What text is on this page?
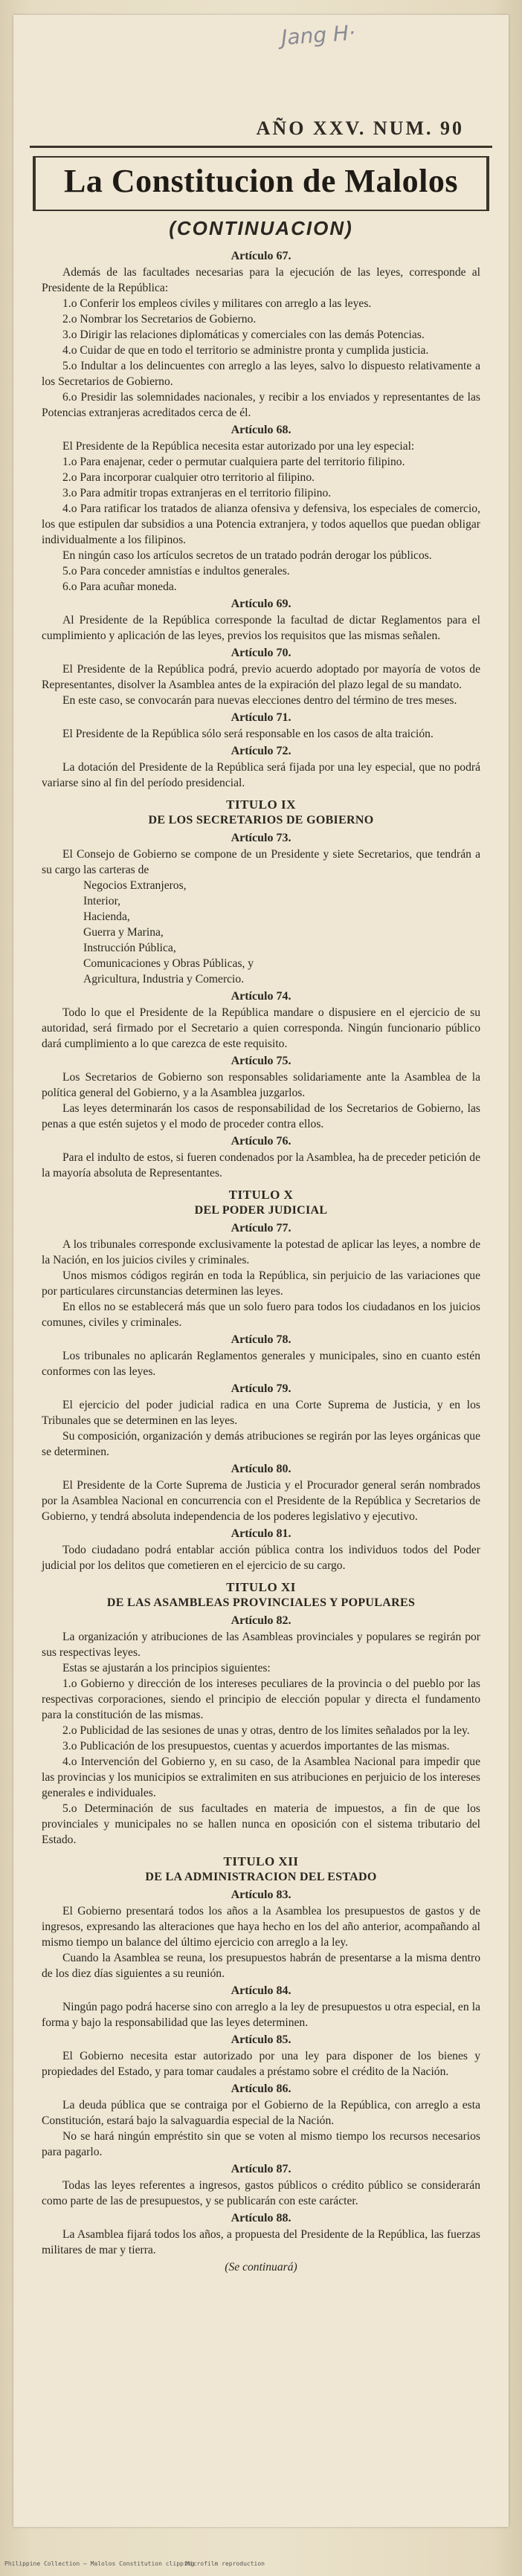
Jang H·
AÑO XXV. NUM. 90
La Constitucion de Malolos
(CONTINUACION)
Artículo 67.

Además de las facultades necesarias para la ejecución de las leyes, corresponde al Presidente de la República:

1.o Conferir los empleos civiles y militares con arreglo a las leyes.

2.o Nombrar los Secretarios de Gobierno.

3.o Dirigir las relaciones diplomáticas y comerciales con las demás Potencias.

4.o Cuidar de que en todo el territorio se administre pronta y cumplida justicia.

5.o Indultar a los delincuentes con arreglo a las leyes, salvo lo dispuesto relativamente a los Secretarios de Gobierno.

6.o Presidir las solemnidades nacionales, y recibir a los enviados y representantes de las Potencias extranjeras acreditados cerca de él.

Artículo 68.

El Presidente de la República necesita estar autorizado por una ley especial:

1.o Para enajenar, ceder o permutar cualquiera parte del territorio filipino.

2.o Para incorporar cualquier otro territorio al filipino.

3.o Para admitir tropas extranjeras en el territorio filipino.

4.o Para ratificar los tratados de alianza ofensiva y defensiva, los especiales de comercio, los que estipulen dar subsidios a una Potencia extranjera, y todos aquellos que puedan obligar individualmente a los filipinos.

En ningún caso los artículos secretos de un tratado podrán derogar los públicos.

5.o Para conceder amnistías e indultos generales.

6.o Para acuñar moneda.

Artículo 69.

Al Presidente de la República corresponde la facultad de dictar Reglamentos para el cumplimiento y aplicación de las leyes, previos los requisitos que las mismas señalen.

Artículo 70.

El Presidente de la República podrá, previo acuerdo adoptado por mayoría de votos de Representantes, disolver la Asamblea antes de la expiración del plazo legal de su mandato.

En este caso, se convocarán para nuevas elecciones dentro del término de tres meses.

Artículo 71.

El Presidente de la República sólo será responsable en los casos de alta traición.

Artículo 72.

La dotación del Presidente de la República será fijada por una ley especial, que no podrá variarse sino al fin del período presidencial.

TITULO IX
DE LOS SECRETARIOS DE GOBIERNO
Artículo 73.

El Consejo de Gobierno se compone de un Presidente y siete Secretarios, que tendrán a su cargo las carteras de

Negocios Extranjeros,

Interior,

Hacienda,

Guerra y Marina,

Instrucción Pública,

Comunicaciones y Obras Públicas, y

Agricultura, Industria y Comercio.

Artículo 74.

Todo lo que el Presidente de la República mandare o dispusiere en el ejercicio de su autoridad, será firmado por el Secretario a quien corresponda. Ningún funcionario público dará cumplimiento a lo que carezca de este requisito.

Artículo 75.

Los Secretarios de Gobierno son responsables solidariamente ante la Asamblea de la política general del Gobierno, y a la Asamblea juzgarlos.

Las leyes determinarán los casos de responsabilidad de los Secretarios de Gobierno, las penas a que estén sujetos y el modo de proceder contra ellos.

Artículo 76.

Para el indulto de estos, si fueren condenados por la Asamblea, ha de preceder petición de la mayoría absoluta de Representantes.

TITULO X
DEL PODER JUDICIAL
Artículo 77.

A los tribunales corresponde exclusivamente la potestad de aplicar las leyes, a nombre de la Nación, en los juicios civiles y criminales.

Unos mismos códigos regirán en toda la República, sin perjuicio de las variaciones que por particulares circunstancias determinen las leyes.

En ellos no se establecerá más que un solo fuero para todos los ciudadanos en los juicios comunes, civiles y criminales.

Artículo 78.

Los tribunales no aplicarán Reglamentos generales y municipales, sino en cuanto estén conformes con las leyes.

Artículo 79.

El ejercicio del poder judicial radica en una Corte Suprema de Justicia, y en los Tribunales que se determinen en las leyes.

Su composición, organización y demás atribuciones se regirán por las leyes orgánicas que se determinen.

Artículo 80.

El Presidente de la Corte Suprema de Justicia y el Procurador general serán nombrados por la Asamblea Nacional en concurrencia con el Presidente de la República y Secretarios de Gobierno, y tendrá absoluta independencia de los poderes legislativo y ejecutivo.

Artículo 81.

Todo ciudadano podrá entablar acción pública contra los individuos todos del Poder judicial por los delitos que cometieren en el ejercicio de su cargo.

TITULO XI
DE LAS ASAMBLEAS PROVINCIALES Y POPULARES
Artículo 82.

La organización y atribuciones de las Asambleas provinciales y populares se regirán por sus respectivas leyes.

Estas se ajustarán a los principios siguientes:

1.o Gobierno y dirección de los intereses peculiares de la provincia o del pueblo por las respectivas corporaciones, siendo el principio de elección popular y directa el fundamento para la constitución de las mismas.

2.o Publicidad de las sesiones de unas y otras, dentro de los límites señalados por la ley.

3.o Publicación de los presupuestos, cuentas y acuerdos importantes de las mismas.

4.o Intervención del Gobierno y, en su caso, de la Asamblea Nacional para impedir que las provincias y los municipios se extralimiten en sus atribuciones en perjuicio de los intereses generales e individuales.

5.o Determinación de sus facultades en materia de impuestos, a fin de que los provinciales y municipales no se hallen nunca en oposición con el sistema tributario del Estado.

TITULO XII
DE LA ADMINISTRACION DEL ESTADO
Artículo 83.

El Gobierno presentará todos los años a la Asamblea los presupuestos de gastos y de ingresos, expresando las alteraciones que haya hecho en los del año anterior, acompañando al mismo tiempo un balance del último ejercicio con arreglo a la ley.

Cuando la Asamblea se reuna, los presupuestos habrán de presentarse a la misma dentro de los diez días siguientes a su reunión.

Artículo 84.

Ningún pago podrá hacerse sino con arreglo a la ley de presupuestos u otra especial, en la forma y bajo la responsabilidad que las leyes determinen.

Artículo 85.

El Gobierno necesita estar autorizado por una ley para disponer de los bienes y propiedades del Estado, y para tomar caudales a préstamo sobre el crédito de la Nación.

Artículo 86.

La deuda pública que se contraiga por el Gobierno de la República, con arreglo a esta Constitución, estará bajo la salvaguardia especial de la Nación.

No se hará ningún empréstito sin que se voten al mismo tiempo los recursos necesarios para pagarlo.

Artículo 87.

Todas las leyes referentes a ingresos, gastos públicos o crédito público se considerarán como parte de las de presupuestos, y se publicarán con este carácter.

Artículo 88.

La Asamblea fijará todos los años, a propuesta del Presidente de la República, las fuerzas militares de mar y tierra.

(Se continuará)

Philippine Collection — Malolos Constitution clipping
Microfilm reproduction
